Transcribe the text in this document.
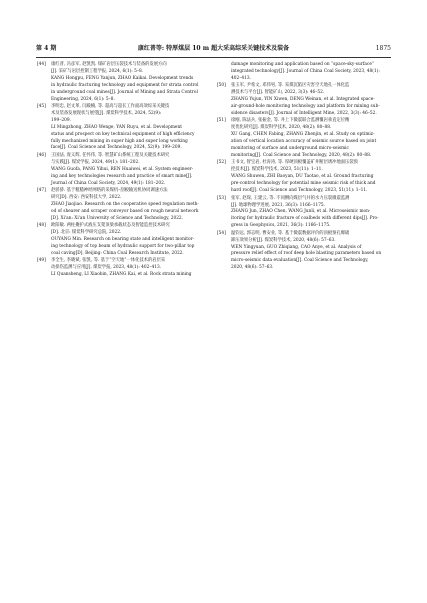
第 4 期	康红普等: 特厚煤层 10 m 超大采高综采关键技术及装备	1875
[44] 康红普, 冯彦军, 赵凯凯. 煤矿岩层压裂技术与装备的发展方向
[J]. 采矿与岩层控制工程学报, 2024, 6(1): 5–8.
KANG Hongpu, FENG Yanjun, ZHAO Kaikai. Development trends
in hydraulic fracturing technology and equipment for strata control
in underground coal mines[J]. Journal of Mining and Strata Control
Engineering, 2024, 6(1): 5–8.
[45] 李明忠, 赵文革, 闫殿楠, 等. 超高与超长工作面高效综采关键技
术及装备发展现状与展望[J]. 煤炭科学技术, 2024, 52(9):
199–209.
LI Mingzhong, ZHAO Wenge, YAN Ruyu, et al. Development
status and prospect on key technical equipment of high efficiency
fully mechanized mining in super high and super long working
face[J]. Coal Science and Technology, 2024, 52(9): 199–209.
[46] 王国法, 庞义辉, 任怀伟, 等. 智慧矿山系统工程及关键技术研究
与实践[J]. 煤炭学报, 2024, 49(1): 181–202.
WANG Guofa, PANG Yihui, REN Huaiwei, et al. System engineer-
ing and key technologies research and practice of smart mine[J].
Journal of China Coal Society, 2024, 49(1): 181–202.
[47] 赵骄骄. 基于粗糙神经网络的采煤机–刮板输送机协同调速方法
研究[D]. 西安: 西安科技大学, 2022.
ZHAO Jiaojiao. Research on the cooperative speed regulation meth-
od of shearer and scraper conveyor based on rough neural network
[D]. Xi'an: Xi'an University of Science and Technology, 2022.
[48] 欧阳敏. 两柱掩护式液压支架顶梁承载状态及智能监控技术研究
[D]. 北京: 煤炭科学研究总院, 2022.
OUYANG Min. Research on bearing state and intelligent monitor-
ing technology of top beam of hydraulic support for two-pillar top
coal caving[D]. Beijing: China Coal Research Institute, 2022.
[49] 李全生, 李晓斌, 张凯, 等. 基于“空天地”一体化技术的岩层采
动损伤监测与应用[J]. 煤炭学报, 2023, 48(1): 402–413.
LI Quansheng, LI Xiaobin, ZHANG Kai, et al. Rock strata mining
damage monitoring and application based on “space-sky-surface”
integrated technology[J]. Journal of China Coal Society, 2023, 48(1):
402–413.
[50] 张玉军, 尹希文, 邓伟男, 等. 采煤沉陷区灾害空天地孔一体化监
测技术与平台[J]. 智能矿山, 2022, 3(3): 46–52.
ZHANG Yujun, YIN Xiwen, DENG Weinan, et al. Integrated space-
air-ground-hole monitoring technology and platform for mining sub-
sidence disasters[J]. Journal of Intelligent Mine, 2022, 3(3): 46–52.
[51] 徐刚, 陈法兵, 张振金, 等. 井上下微震联合监测覆岩垂直定位精
度优化研究[J]. 煤炭科学技术, 2020, 48(2): 80–88.
XU Gang, CHEN Fabing, ZHANG Zhenjin, et al. Study on optimiz-
ation of vertical location accuracy of seismic source based on joint
monitoring of surface and underground micro-seismic
monitoring[J]. Coal Science and Technology, 2020, 48(2): 80–88.
[52] 王书文, 智宝岩, 杜涛涛, 等. 厚硬顶板覆盖矿井断层诱冲地面压裂预
控技术[J]. 煤炭科学技术, 2023, 51(11): 1–11.
WANG Shuwen, ZHI Baoyan, DU Taotao, et al. Ground fracturing
pre-control technology for potential mine seismic risk of thick and
hard roof[J]. Coal Science and Technology, 2023, 51(11): 1–11.
[53] 张军, 赵琛, 王建云, 等. 不同侧向煤层气井的水力压裂微震监测
[J]. 地球物理学进展, 2021, 36(3): 1166–1175.
ZHANG Jun, ZHAO Chen, WANG Junli, et al. Microseismic mon-
itoring for hydraulic fracture of coalbeds with different dips[J]. Pro-
gress in Geophysics, 2021, 36(3): 1166–1175.
[54] 温钧远, 郭志明, 曹安业, 等. 基于微震数据评价的顶板预孔爆破
卸压效果分析[J]. 煤炭科学技术, 2020, 48(6): 57–63.
WEN Yingyuan, GUO Zhiqiang, CAO Anye, et al. Analysis of
pressure relief effect of roof deep hole blasting parameters based on
micro-seismic data evaluation[J]. Coal Science and Technology,
2020, 48(6): 57–63.
